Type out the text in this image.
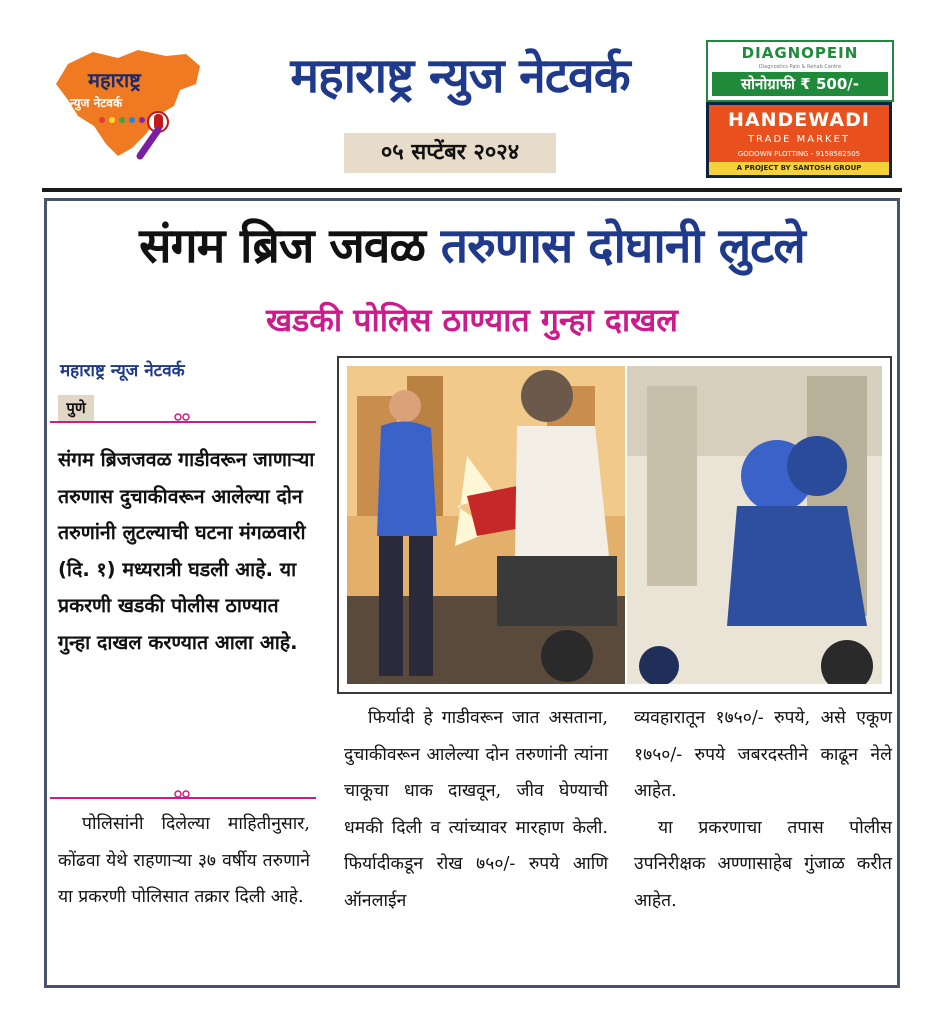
महाराष्ट्र
न्युज नेटवर्क	महाराष्ट्र न्युज नेटवर्क
०५ सप्टेंबर २०२४
DIAGNOPEIN
Diagnostics Pain & Rehab Centre
सोनोग्राफी ₹ 500/-
HANDEWADI
TRADE MARKET
GODOWN PLOTTING - 9158582505
A PROJECT BY SANTOSH GROUP
संगम ब्रिज जवळ तरुणास दोघानी लुटले
खडकी पोलिस ठाण्यात गुन्हा दाखल
महाराष्ट्र न्यूज नेटवर्क
पुणे
संगम ब्रिजजवळ गाडीवरून जाणाऱ्या तरुणास दुचाकीवरून आलेल्या दोन तरुणांनी लुटल्याची घटना मंगळवारी (दि. १) मध्यरात्री घडली आहे. या प्रकरणी खडकी पोलीस ठाण्यात गुन्हा दाखल करण्यात आला आहे.
पोलिसांनी दिलेल्या माहितीनुसार, कोंढवा येथे राहणाऱ्या ३७ वर्षीय तरुणाने या प्रकरणी पोलिसात तक्रार दिली आहे.
फिर्यादी हे गाडीवरून जात असताना, दुचाकीवरून आलेल्या दोन तरुणांनी त्यांना चाकूचा धाक दाखवून, जीव घेण्याची धमकी दिली व त्यांच्यावर मारहाण केली. फिर्यादीकडून रोख ७५०/- रुपये आणि ऑनलाईन
व्यवहारातून १७५०/- रुपये, असे एकूण १७५०/- रुपये जबरदस्तीने काढून नेले आहेत.
या प्रकरणाचा तपास पोलीस उपनिरीक्षक अण्णासाहेब गुंजाळ करीत आहेत.
